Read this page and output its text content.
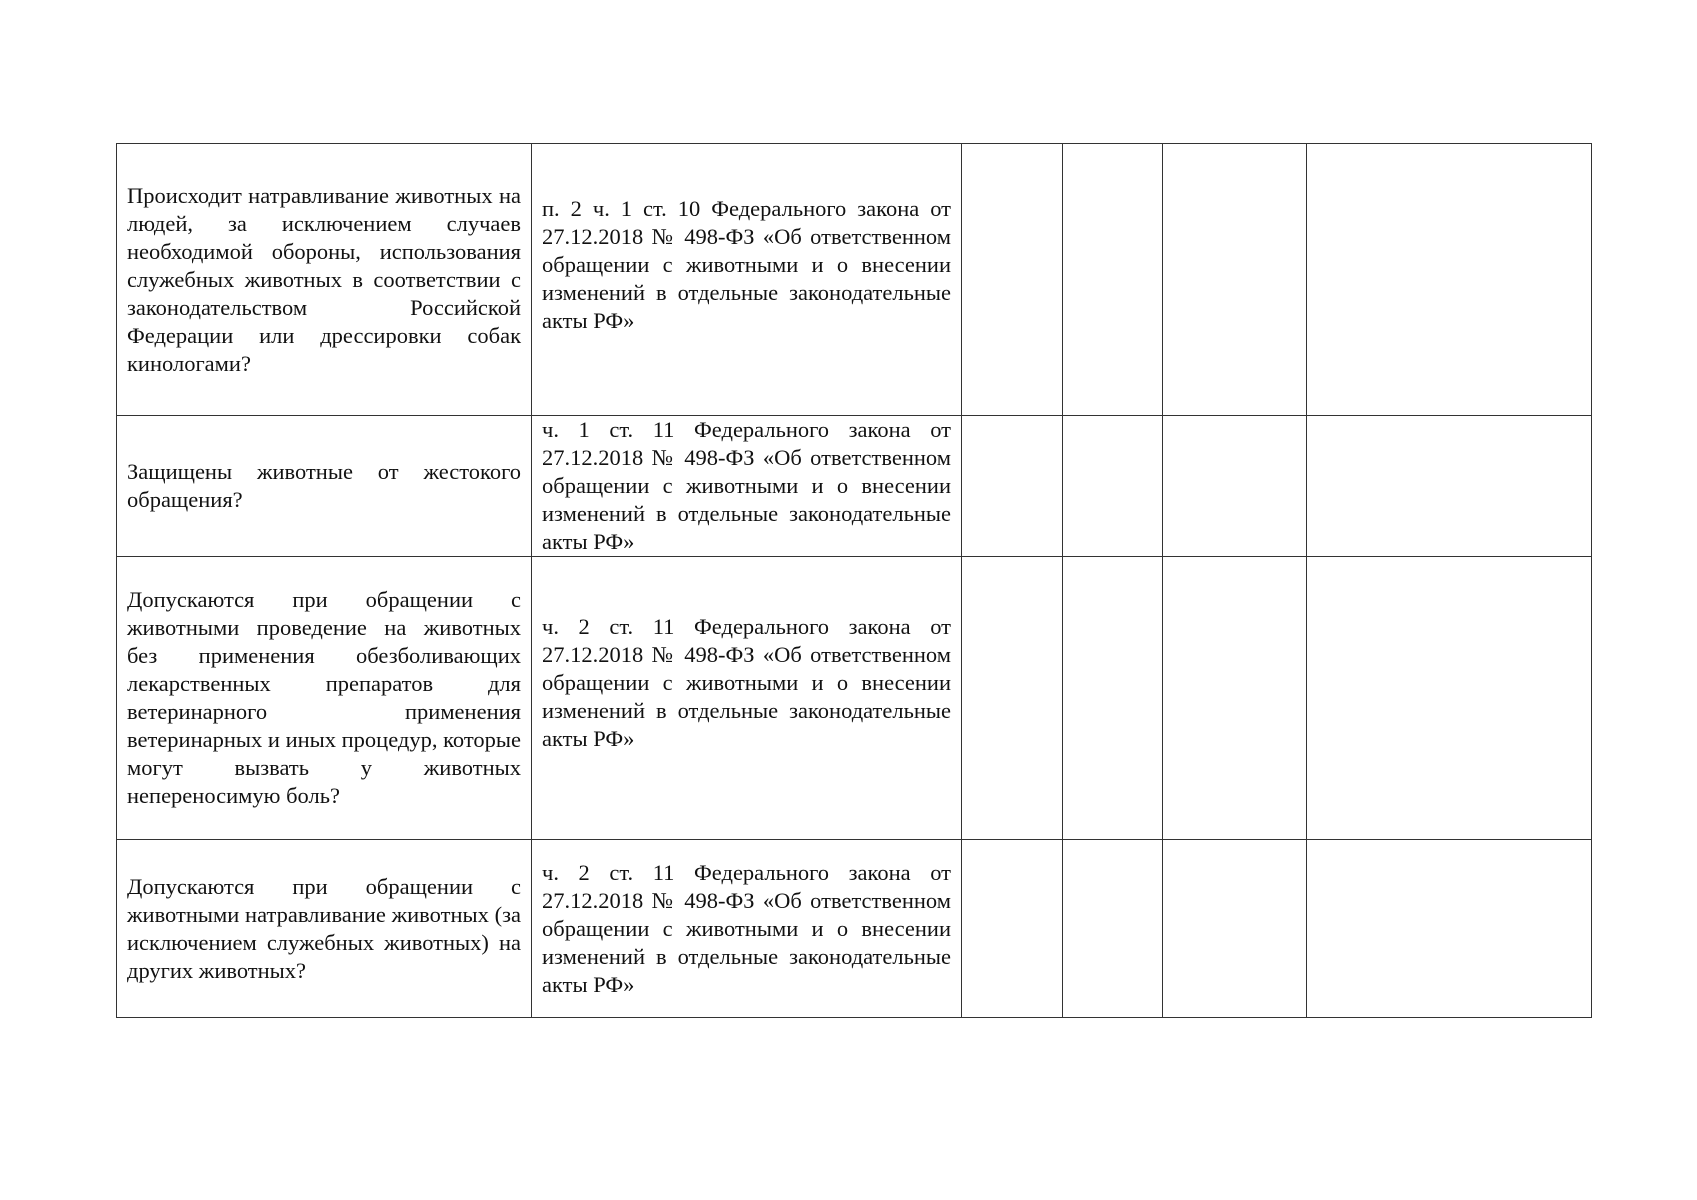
Происходит натравливание животных на людей, за исключением случаев необходимой обороны, использования служебных животных в соответствии с законодательством Российской Федерации или дрессировки собак кинологами?	п. 2 ч. 1 ст. 10 Федерального закона от 27.12.2018 № 498-ФЗ «Об ответственном обращении с животными и о внесении изменений в отдельные законодательные акты РФ»				

Защищены животные от жестокого обращения?	ч. 1 ст. 11 Федерального закона от 27.12.2018 № 498-ФЗ «Об ответственном обращении с животными и о внесении изменений в отдельные законодательные акты РФ»				

Допускаются при обращении с животными проведение на животных без применения обезболивающих лекарственных препаратов для ветеринарного применения ветеринарных и иных процедур, которые могут вызвать у животных непереносимую боль?	ч. 2 ст. 11 Федерального закона от 27.12.2018 № 498-ФЗ «Об ответственном обращении с животными и о внесении изменений в отдельные законодательные акты РФ»				

Допускаются при обращении с животными натравливание животных (за исключением служебных животных) на других животных?	ч. 2 ст. 11 Федерального закона от 27.12.2018 № 498-ФЗ «Об ответственном обращении с животными и о внесении изменений в отдельные законодательные акты РФ»				
